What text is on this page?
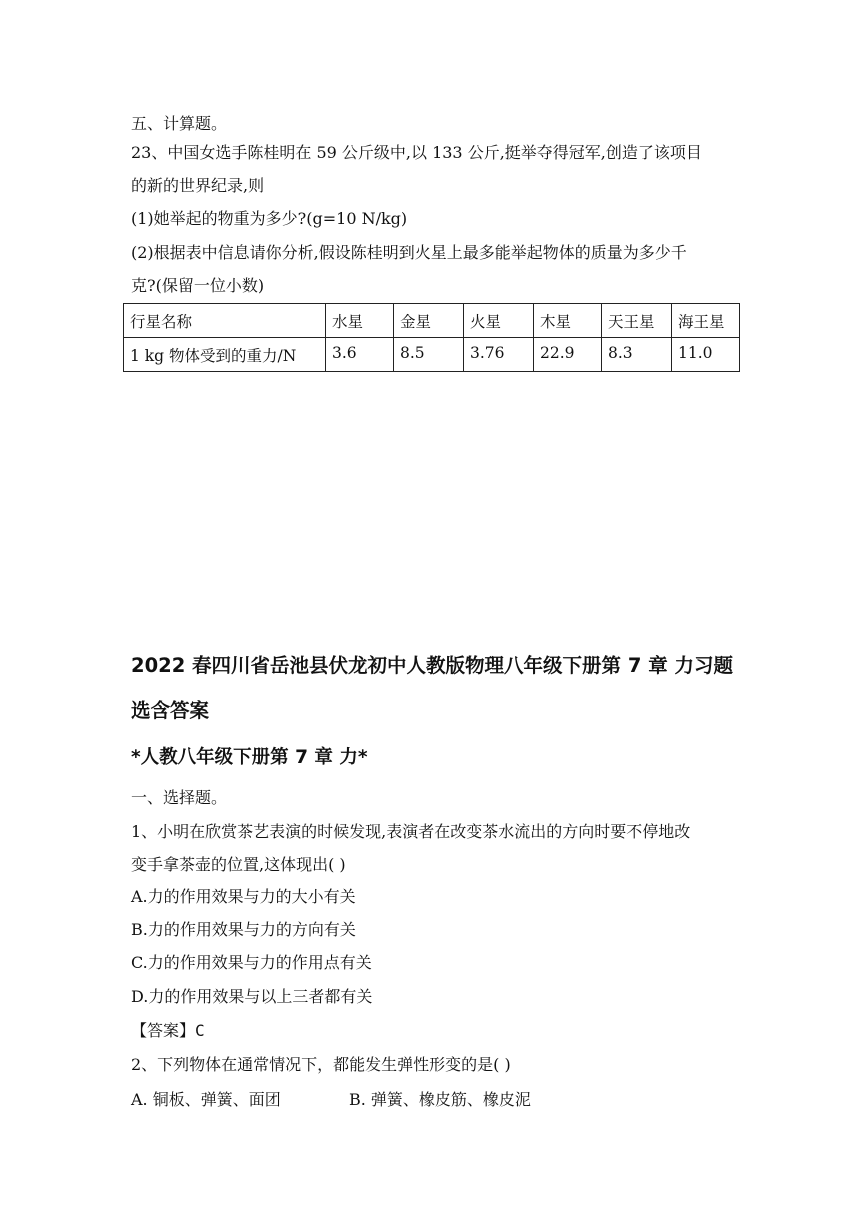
五、计算题。
23、中国女选手陈桂明在 59 公斤级中,以 133 公斤,挺举夺得冠军,创造了该项目
的新的世界纪录,则
(1)她举起的物重为多少?(g=10 N/kg)
(2)根据表中信息请你分析,假设陈桂明到火星上最多能举起物体的质量为多少千
克?(保留一位小数)
行星名称	水星	金星	火星	木星	天王星	海王星
1 kg 物体受到的重力/N	3.6	8.5	3.76	22.9	8.3	11.0
2022 春四川省岳池县伏龙初中人教版物理八年级下册第 7 章 力习题
选含答案
*人教八年级下册第 7 章 力*
一、选择题。
1、小明在欣赏茶艺表演的时候发现,表演者在改变茶水流出的方向时要不停地改
变手拿茶壶的位置,这体现出( )
A.力的作用效果与力的大小有关
B.力的作用效果与力的方向有关
C.力的作用效果与力的作用点有关
D.力的作用效果与以上三者都有关
【答案】C
2、下列物体在通常情况下，都能发生弹性形变的是( )
A. 铜板、弹簧、面团	B. 弹簧、橡皮筋、橡皮泥
